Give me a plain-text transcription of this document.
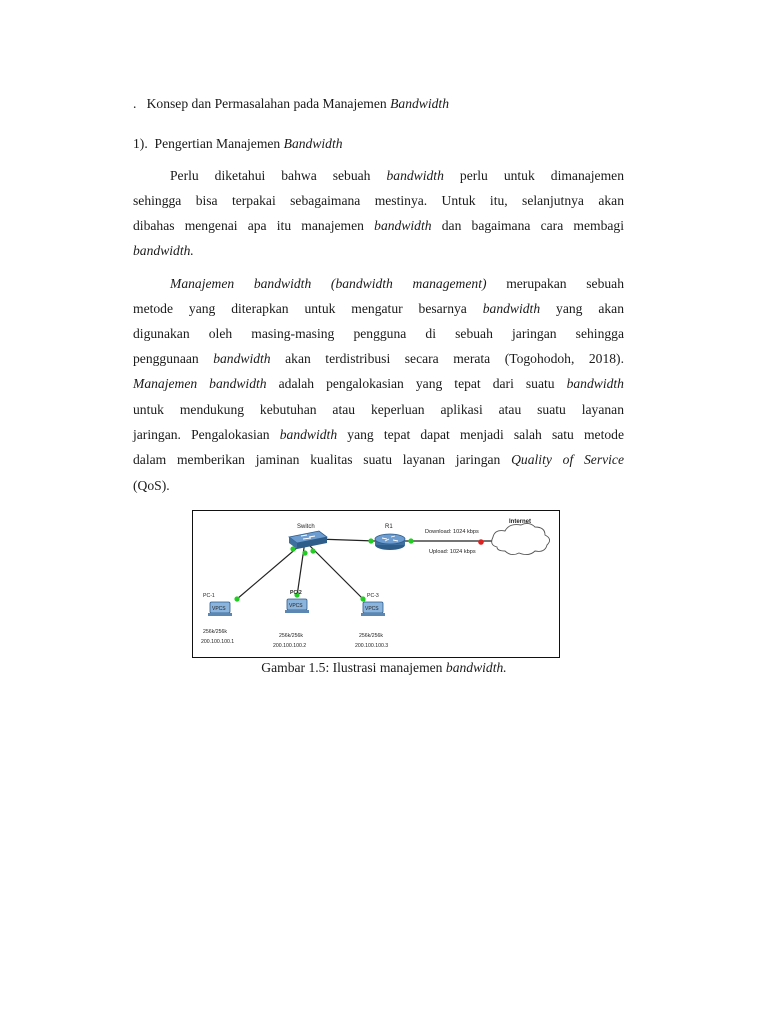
. Konsep dan Permasalahan pada Manajemen Bandwidth
1). Pengertian Manajemen Bandwidth
Perlu diketahui bahwa sebuah bandwidth perlu untuk dimanajemen
sehingga bisa terpakai sebagaimana mestinya. Untuk itu, selanjutnya akan
dibahas mengenai apa itu manajemen bandwidth dan bagaimana cara membagi
bandwidth.
Manajemen bandwidth (bandwidth management) merupakan sebuah
metode yang diterapkan untuk mengatur besarnya bandwidth yang akan
digunakan oleh masing-masing pengguna di sebuah jaringan sehingga
penggunaan bandwidth akan terdistribusi secara merata (Togohodoh, 2018).
Manajemen bandwidth adalah pengalokasian yang tepat dari suatu bandwidth
untuk mendukung kebutuhan atau keperluan aplikasi atau suatu layanan
jaringan. Pengalokasian bandwidth yang tepat dapat menjadi salah satu metode
dalam memberikan jaminan kualitas suatu layanan jaringan Quality of Service
(QoS).
Switch	R1
Download: 1024 kbps
Upload: 1024 kbps
Internet
VPCS
PC-1
256k/256k
200.100.100.1
VPCS
PC-2
256k/256k
200.100.100.2
VPCS
PC-3
256k/256k
200.100.100.3
Gambar 1.5: Ilustrasi manajemen bandwidth.
